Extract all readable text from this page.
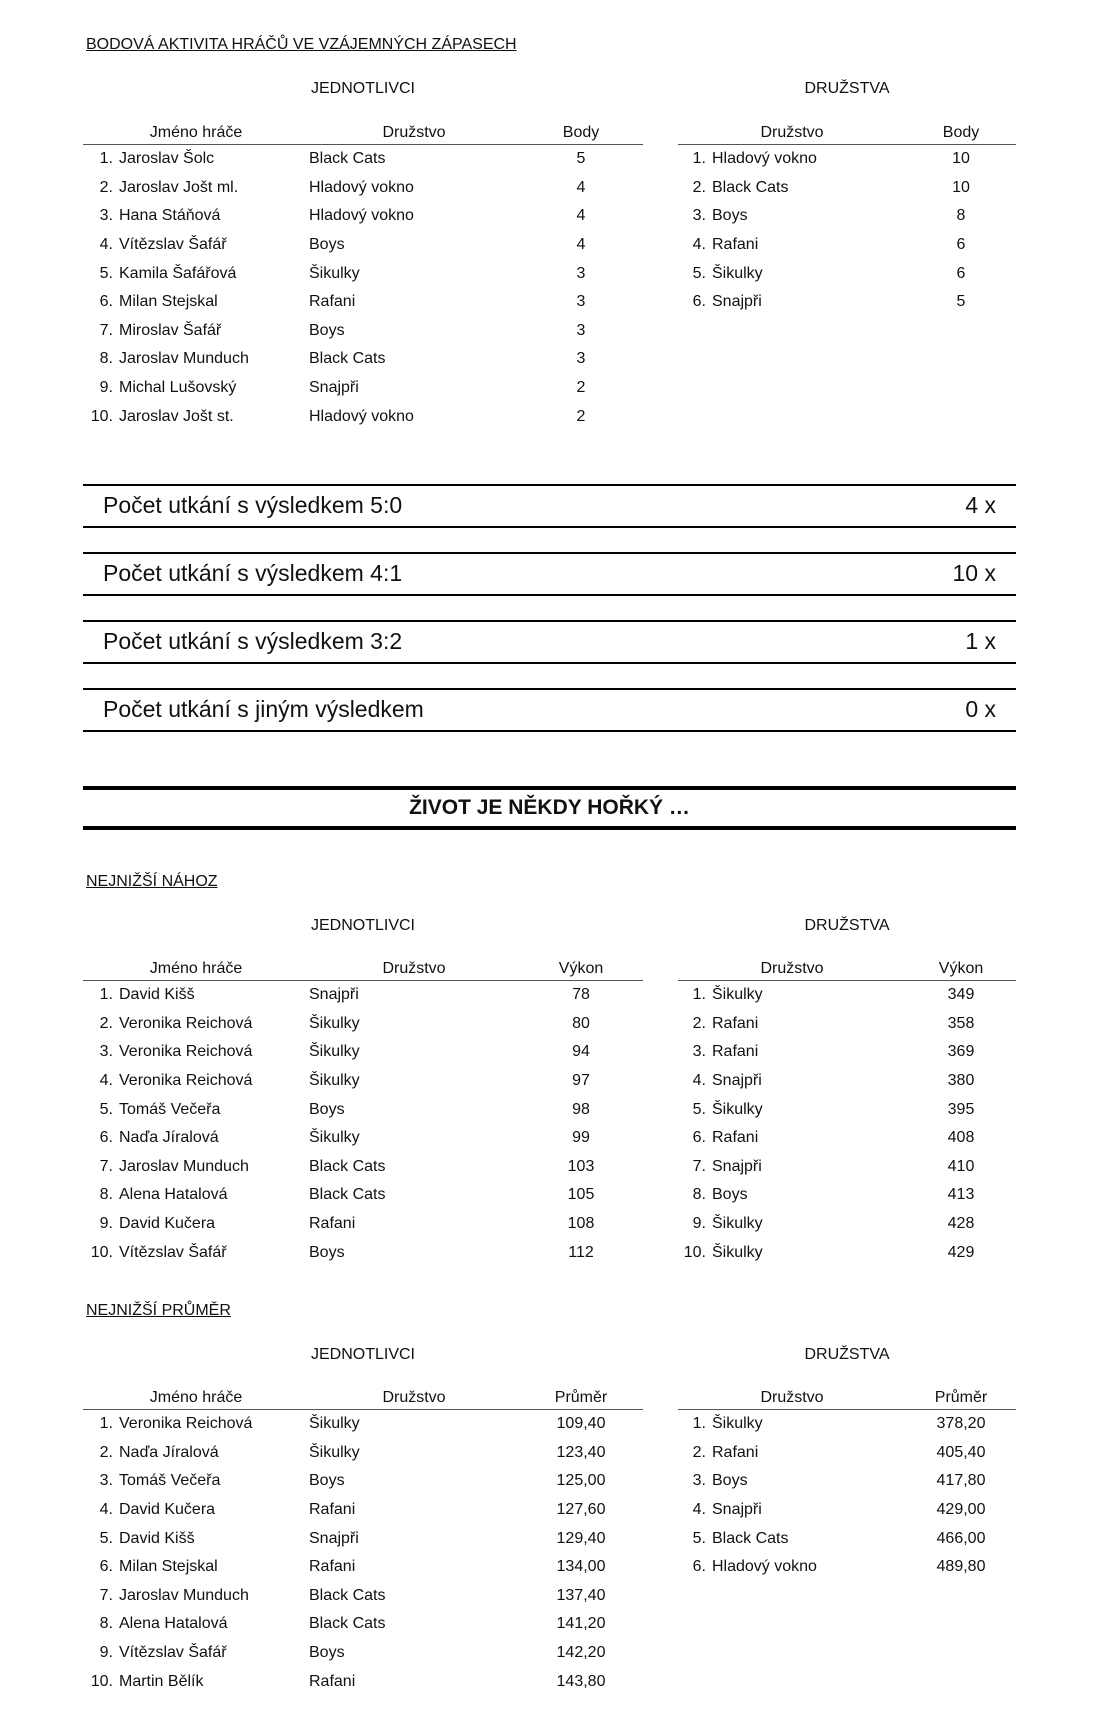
BODOVÁ AKTIVITA HRÁČŮ VE VZÁJEMNÝCH ZÁPASECH
JEDNOTLIVCI	DRUŽSTVA
Jméno hráče		Družstvo	Body
1.	Jaroslav Šolc	Black Cats	5
2.	Jaroslav Jošt ml.	Hladový vokno	4
3.	Hana Stáňová	Hladový vokno	4
4.	Vítězslav Šafář	Boys	4
5.	Kamila Šafářová	Šikulky	3
6.	Milan Stejskal	Rafani	3
7.	Miroslav Šafář	Boys	3
8.	Jaroslav Munduch	Black Cats	3
9.	Michal Lušovský	Snajpři	2
10.	Jaroslav Jošt st.	Hladový vokno	2
Družstvo		Body
1.	Hladový vokno	10
2.	Black Cats	10
3.	Boys	8
4.	Rafani	6
5.	Šikulky	6
6.	Snajpři	5
Počet utkání s výsledkem 5:0	4 x
Počet utkání s výsledkem 4:1	10 x
Počet utkání s výsledkem 3:2	1 x
Počet utkání s jiným výsledkem	0 x
ŽIVOT JE NĚKDY HOŘKÝ …
NEJNIŽŠÍ NÁHOZ
JEDNOTLIVCI	DRUŽSTVA
Jméno hráče		Družstvo	Výkon
1.	David Kišš	Snajpři	78
2.	Veronika Reichová	Šikulky	80
3.	Veronika Reichová	Šikulky	94
4.	Veronika Reichová	Šikulky	97
5.	Tomáš Večeřa	Boys	98
6.	Naďa Jíralová	Šikulky	99
7.	Jaroslav Munduch	Black Cats	103
8.	Alena Hatalová	Black Cats	105
9.	David Kučera	Rafani	108
10.	Vítězslav Šafář	Boys	112
Družstvo		Výkon
1.	Šikulky	349
2.	Rafani	358
3.	Rafani	369
4.	Snajpři	380
5.	Šikulky	395
6.	Rafani	408
7.	Snajpři	410
8.	Boys	413
9.	Šikulky	428
10.	Šikulky	429
NEJNIŽŠÍ PRŮMĚR
JEDNOTLIVCI	DRUŽSTVA
Jméno hráče		Družstvo	Průměr
1.	Veronika Reichová	Šikulky	109,40
2.	Naďa Jíralová	Šikulky	123,40
3.	Tomáš Večeřa	Boys	125,00
4.	David Kučera	Rafani	127,60
5.	David Kišš	Snajpři	129,40
6.	Milan Stejskal	Rafani	134,00
7.	Jaroslav Munduch	Black Cats	137,40
8.	Alena Hatalová	Black Cats	141,20
9.	Vítězslav Šafář	Boys	142,20
10.	Martin Bělík	Rafani	143,80
Družstvo		Průměr
1.	Šikulky	378,20
2.	Rafani	405,40
3.	Boys	417,80
4.	Snajpři	429,00
5.	Black Cats	466,00
6.	Hladový vokno	489,80
